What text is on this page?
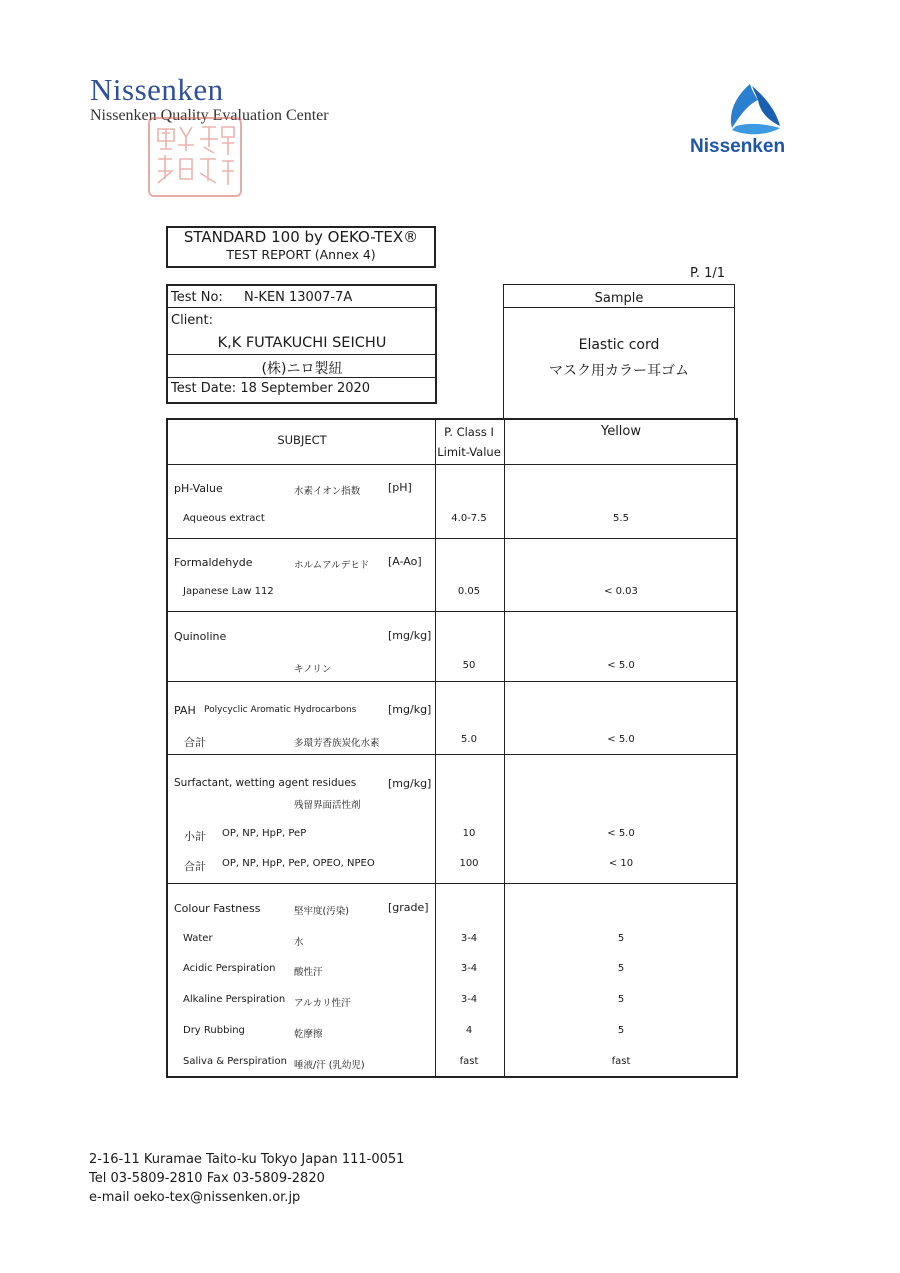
Nissenken
Nissenken Quality Evaluation Center
Nissenken
STANDARD 100 by OEKO-TEX®
TEST REPORT (Annex 4)
P. 1/1
Test No: N-KEN 13007-7A
Client:
K,K FUTAKUCHI SEICHU
(株)ニロ製紐
Test Date: 18 September 2020
Sample
Elastic cord
マスク用カラー耳ゴム
SUBJECT
P. Class Ⅰ
Limit-Value
Yellow
pH-Value	水素イオン指数	[pH]
Aqueous extract	4.0-7.5	5.5
Formaldehyde	ホルムアルデヒド [A-Ao]
Japanese Law 112	0.05	< 0.03
Quinoline	[mg/kg]
キノリン	50	< 5.0
PAH Polycyclic Aromatic Hydrocarbons	[mg/kg]
合計	多環芳香族炭化水素	5.0	< 5.0
Surfactant, wetting agent residues	[mg/kg]
残留界面活性剤
小計 OP, NP, HpP, PeP	10	< 5.0
合計 OP, NP, HpP, PeP, OPEO, NPEO	100	< 10
Colour Fastness	堅牢度(汚染)	[grade]
Water	水	3-4	5
Acidic Perspiration 酸性汗	3-4	5
Alkaline Perspiration アルカリ性汗	3-4	5
Dry Rubbing	乾摩擦	4	5
Saliva & Perspiration 唾液/汗 (乳幼児)	fast	fast
2-16-11 Kuramae Taito-ku Tokyo Japan 111-0051
Tel 03-5809-2810 Fax 03-5809-2820
e-mail oeko-tex@nissenken.or.jp
